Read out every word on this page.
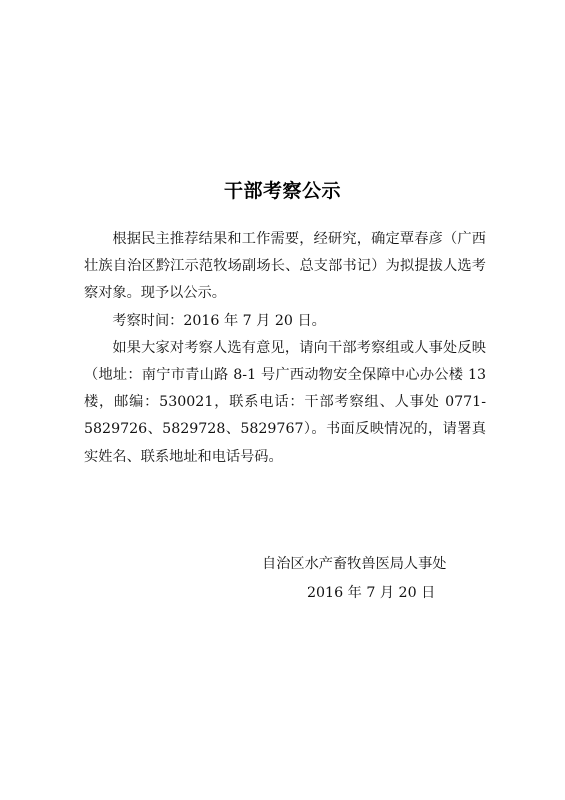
干部考察公示

根据民主推荐结果和工作需要，经研究，确定覃春彦（广西壮族自治区黔江示范牧场副场长、总支部书记）为拟提拔人选考察对象。现予以公示。

考察时间：2016 年 7 月 20 日。

如果大家对考察人选有意见，请向干部考察组或人事处反映（地址：南宁市青山路 8-1 号广西动物安全保障中心办公楼 13 楼，邮编：530021，联系电话：干部考察组、人事处 0771-5829726、5829728、5829767）。书面反映情况的，请署真实姓名、联系地址和电话号码。

自治区水产畜牧兽医局人事处
2016 年 7 月 20 日
